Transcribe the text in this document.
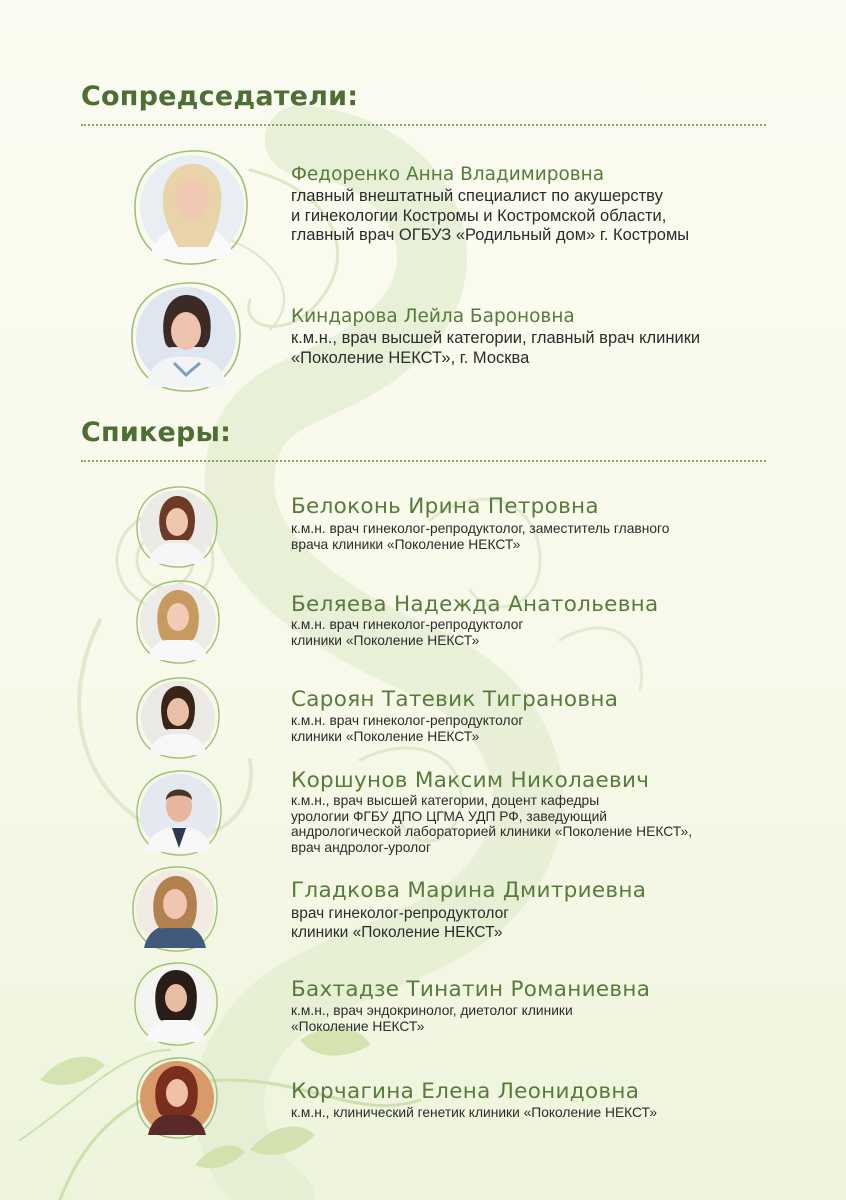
Сопредседатели:

Федоренко Анна Владимировна

главный внештатный специалист по акушерству
и гинекологии Костромы и Костромской области,
главный врач ОГБУЗ «Родильный дом» г. Костромы

Киндарова Лейла Бароновна

к.м.н., врач высшей категории, главный врач клиники
«Поколение НЕКСТ», г. Москва

Спикеры:

Белоконь Ирина Петровна

к.м.н. врач гинеколог-репродуктолог, заместитель главного
врача клиники «Поколение НЕКСТ»

Беляева Надежда Анатольевна

к.м.н. врач гинеколог-репродуктолог
клиники «Поколение НЕКСТ»

Сароян Татевик Тиграновна

к.м.н. врач гинеколог-репродуктолог
клиники «Поколение НЕКСТ»

Коршунов Максим Николаевич

к.м.н., врач высшей категории, доцент кафедры
урологии ФГБУ ДПО ЦГМА УДП РФ, заведующий
андрологической лабораторией клиники «Поколение НЕКСТ»,
врач андролог-уролог

Гладкова Марина Дмитриевна

врач гинеколог-репродуктолог
клиники «Поколение НЕКСТ»

Бахтадзе Тинатин Романиевна

к.м.н., врач эндокринолог, диетолог клиники
«Поколение НЕКСТ»

Корчагина Елена Леонидовна

к.м.н., клинический генетик клиники «Поколение НЕКСТ»
